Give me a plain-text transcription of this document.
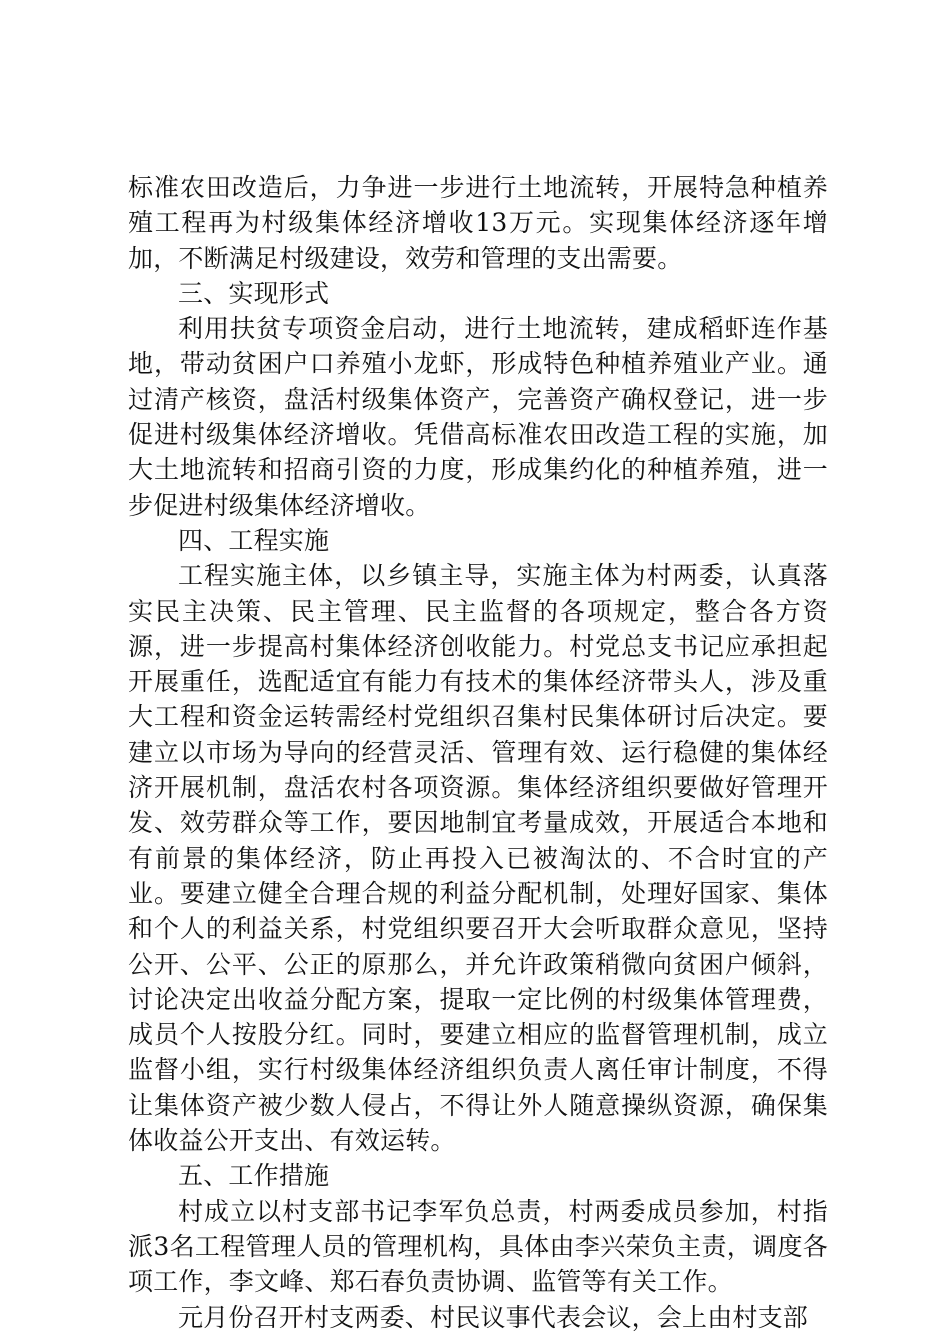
标准农田改造后，力争进一步进行土地流转，开展特急种植养殖工程再为村级集体经济增收13万元。实现集体经济逐年增加，不断满足村级建设，效劳和管理的支出需要。

三、实现形式

利用扶贫专项资金启动，进行土地流转，建成稻虾连作基地，带动贫困户口养殖小龙虾，形成特色种植养殖业产业。通过清产核资，盘活村级集体资产，完善资产确权登记，进一步促进村级集体经济增收。凭借高标准农田改造工程的实施，加大土地流转和招商引资的力度，形成集约化的种植养殖，进一步促进村级集体经济增收。

四、工程实施

工程实施主体，以乡镇主导，实施主体为村两委，认真落实民主决策、民主管理、民主监督的各项规定，整合各方资源，进一步提高村集体经济创收能力。村党总支书记应承担起开展重任，选配适宜有能力有技术的集体经济带头人，涉及重大工程和资金运转需经村党组织召集村民集体研讨后决定。要建立以市场为导向的经营灵活、管理有效、运行稳健的集体经济开展机制，盘活农村各项资源。集体经济组织要做好管理开发、效劳群众等工作，要因地制宜考量成效，开展适合本地和有前景的集体经济，防止再投入已被淘汰的、不合时宜的产业。要建立健全合理合规的利益分配机制，处理好国家、集体和个人的利益关系，村党组织要召开大会听取群众意见，坚持公开、公平、公正的原那么，并允许政策稍微向贫困户倾斜，讨论决定出收益分配方案，提取一定比例的村级集体管理费，成员个人按股分红。同时，要建立相应的监督管理机制，成立监督小组，实行村级集体经济组织负责人离任审计制度，不得让集体资产被少数人侵占，不得让外人随意操纵资源，确保集体收益公开支出、有效运转。

五、工作措施

村成立以村支部书记李军负总责，村两委成员参加，村指派3名工程管理人员的管理机构，具体由李兴荣负主责，调度各项工作，李文峰、郑石春负责协调、监管等有关工作。

元月份召开村支两委、村民议事代表会议，会上由村支部
